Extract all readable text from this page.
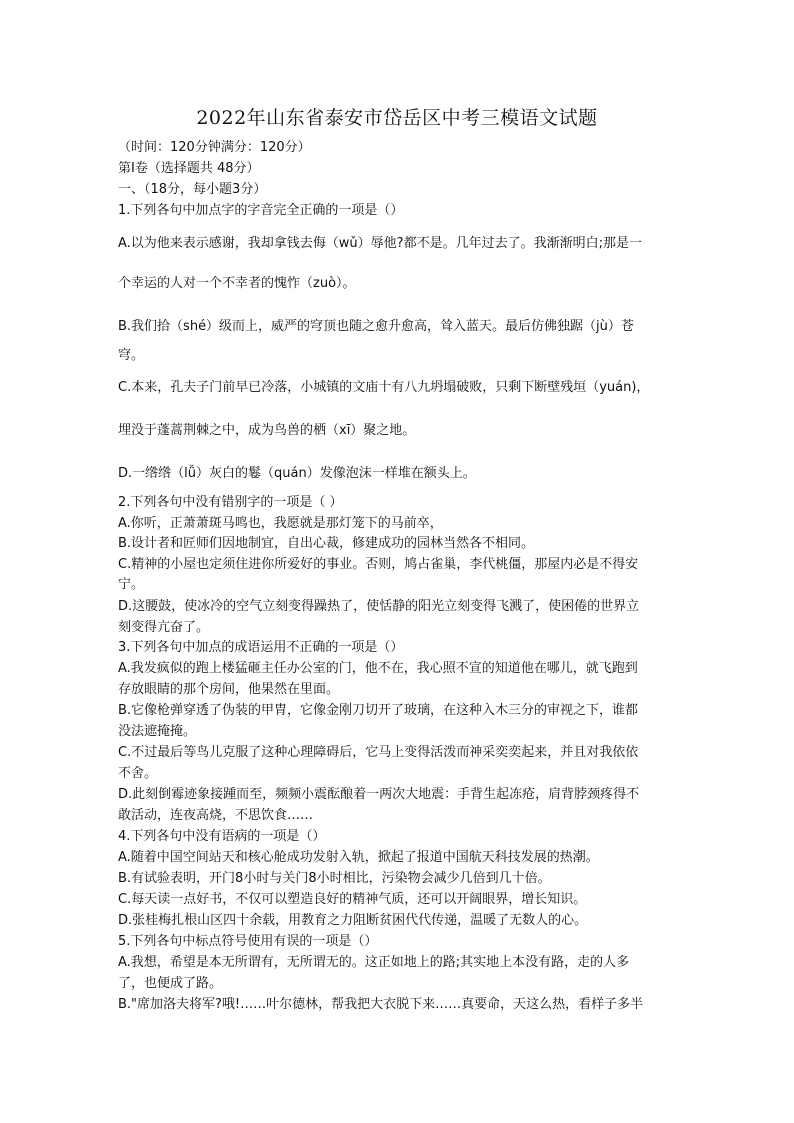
2022年山东省泰安市岱岳区中考三模语文试题
（时间：120分钟满分：120分）
第Ⅰ卷（选择题共 48分）
一、（18分，每小题3分）
1.下列各句中加点字的字音完全正确的一项是（）
A.以为他来表示感谢，我却拿钱去侮（wǔ）辱他?都不是。几年过去了。我渐渐明白;那是一
个幸运的人对一个不幸者的愧怍（zuò）。
B.我们拾（shé）级而上，威严的穹顶也随之愈升愈高，耸入蓝天。最后仿佛独踞（jù）苍
穹。
C.本来，孔夫子门前早已冷落，小城镇的文庙十有八九坍塌破败，只剩下断壁残垣（yuán)，
埋没于蓬蒿荆棘之中，成为鸟兽的栖（xī）聚之地。
D.一绺绺（lǚ）灰白的鬈（quán）发像泡沫一样堆在额头上。
2.下列各句中没有错别字的一项是（ ）
A.你听，正萧萧斑马鸣也，我愿就是那灯笼下的马前卒，
B.设计者和匠师们因地制宜，自出心裁，修建成功的园林当然各不相同。
C.精神的小屋也定须住进你所爱好的事业。否则，鸠占雀巢，李代桃僵，那屋内必是不得安
宁。
D.这腰鼓，使冰冷的空气立刻变得躁热了，使恬静的阳光立刻变得飞溅了，使困倦的世界立
刻变得亢奋了。
3.下列各句中加点的成语运用不正确的一项是（）
A.我发疯似的跑上楼猛砸主任办公室的门，他不在，我心照不宣的知道他在哪儿，就飞跑到
存放眼睛的那个房间，他果然在里面。
B.它像枪弹穿透了伪装的甲胄，它像金刚刀切开了玻璃，在这种入木三分的审视之下，谁都
没法遮掩掩。
C.不过最后等鸟儿克服了这种心理障碍后，它马上变得活泼而神采奕奕起来，并且对我依依
不舍。
D.此刻倒霉迹象接踵而至，频频小震酝酿着一两次大地震：手背生起冻疮，肩背脖颈疼得不
敢活动，连夜高烧，不思饮食……
4.下列各句中没有语病的一项是（）
A.随着中国空间站天和核心舱成功发射入轨，掀起了报道中国航天科技发展的热潮。
B.有试验表明，开门8小时与关门8小时相比，污染物会减少几倍到几十倍。
C.每天读一点好书，不仅可以塑造良好的精神气质，还可以开阔眼界，增长知识。
D.张桂梅扎根山区四十余载，用教育之力阻断贫困代代传递，温暖了无数人的心。
5.下列各句中标点符号使用有误的一项是（）
A.我想，希望是本无所谓有，无所谓无的。这正如地上的路;其实地上本没有路，走的人多
了，也便成了路。
B."席加洛夫将军?哦!……叶尔德林，帮我把大衣脱下来……真要命，天这么热，看样子多半
